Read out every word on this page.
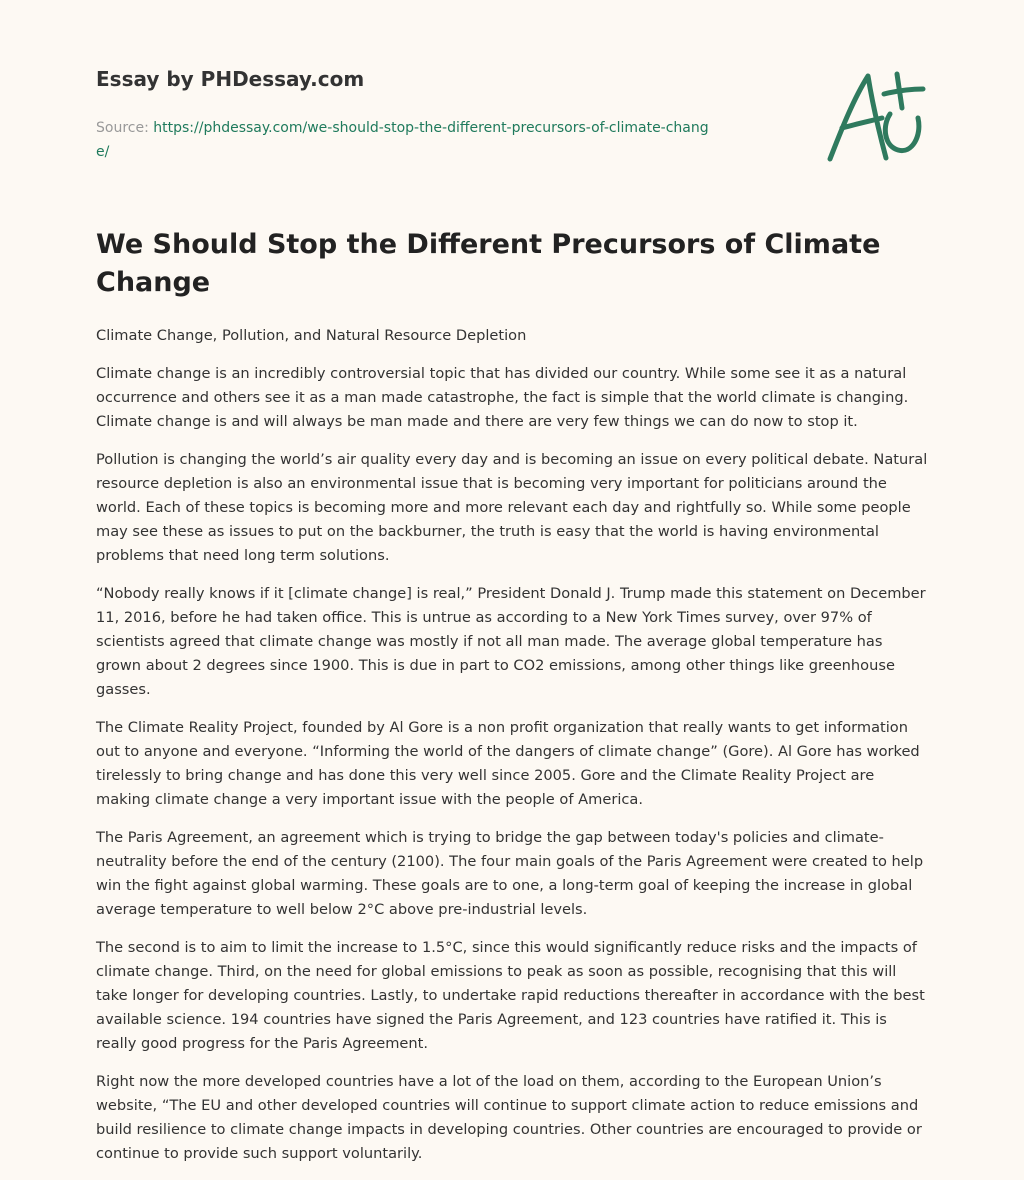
Essay by PHDessay.com
Source: https://phdessay.com/we-should-stop-the-different-precursors-of-climate-change/
We Should Stop the Different Precursors of Climate Change

Climate Change, Pollution, and Natural Resource Depletion

Climate change is an incredibly controversial topic that has divided our country. While some see it as a natural occurrence and others see it as a man made catastrophe, the fact is simple that the world climate is changing. Climate change is and will always be man made and there are very few things we can do now to stop it.

Pollution is changing the world’s air quality every day and is becoming an issue on every political debate. Natural resource depletion is also an environmental issue that is becoming very important for politicians around the world. Each of these topics is becoming more and more relevant each day and rightfully so. While some people may see these as issues to put on the backburner, the truth is easy that the world is having environmental problems that need long term solutions.

“Nobody really knows if it [climate change] is real,” President Donald J. Trump made this statement on December 11, 2016, before he had taken office. This is untrue as according to a New York Times survey, over 97% of scientists agreed that climate change was mostly if not all man made. The average global temperature has grown about 2 degrees since 1900. This is due in part to CO2 emissions, among other things like greenhouse gasses.

The Climate Reality Project, founded by Al Gore is a non profit organization that really wants to get information out to anyone and everyone. “Informing the world of the dangers of climate change” (Gore). Al Gore has worked tirelessly to bring change and has done this very well since 2005. Gore and the Climate Reality Project are making climate change a very important issue with the people of America.

The Paris Agreement, an agreement which is trying to bridge the gap between today's policies and climate-neutrality before the end of the century (2100). The four main goals of the Paris Agreement were created to help win the fight against global warming. These goals are to one, a long-term goal of keeping the increase in global average temperature to well below 2°C above pre-industrial levels.

The second is to aim to limit the increase to 1.5°C, since this would significantly reduce risks and the impacts of climate change. Third, on the need for global emissions to peak as soon as possible, recognising that this will take longer for developing countries. Lastly, to undertake rapid reductions thereafter in accordance with the best available science. 194 countries have signed the Paris Agreement, and 123 countries have ratified it. This is really good progress for the Paris Agreement.

Right now the more developed countries have a lot of the load on them, according to the European Union’s website, “The EU and other developed countries will continue to support climate action to reduce emissions and build resilience to climate change impacts in developing countries. Other countries are encouraged to provide or continue to provide such support voluntarily.
